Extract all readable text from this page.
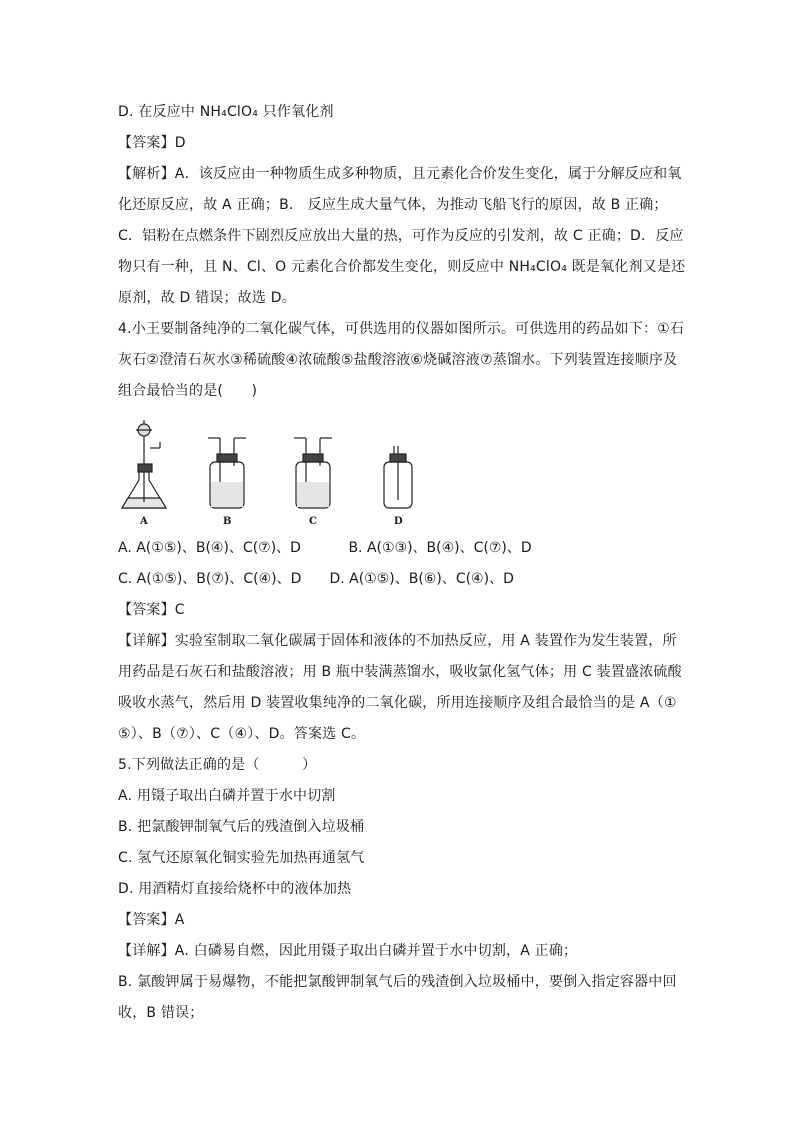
D. 在反应中 NH₄ClO₄ 只作氧化剂
【答案】D
【解析】A．该反应由一种物质生成多种物质，且元素化合价发生变化，属于分解反应和氧
化还原反应，故 A 正确；B． 反应生成大量气体，为推动飞船飞行的原因，故 B 正确；
C．铝粉在点燃条件下剧烈反应放出大量的热，可作为反应的引发剂，故 C 正确；D．反应
物只有一种，且 N、Cl、O 元素化合价都发生变化，则反应中 NH₄ClO₄ 既是氧化剂又是还
原剂，故 D 错误；故选 D。
4.小王要制备纯净的二氧化碳气体，可供选用的仪器如图所示。可供选用的药品如下：①石
灰石②澄清石灰水③稀硫酸④浓硫酸⑤盐酸溶液⑥烧碱溶液⑦蒸馏水。下列装置连接顺序及
组合最恰当的是(　　)
A	B	C	D
A. A(①⑤)、B(④)、C(⑦)、D	B. A(①③)、B(④)、C(⑦)、D
C. A(①⑤)、B(⑦)、C(④)、D D. A(①⑤)、B(⑥)、C(④)、D
【答案】C
【详解】实验室制取二氧化碳属于固体和液体的不加热反应，用 A 装置作为发生装置，所
用药品是石灰石和盐酸溶液；用 B 瓶中装满蒸馏水，吸收氯化氢气体；用 C 装置盛浓硫酸
吸收水蒸气，然后用 D 装置收集纯净的二氧化碳，所用连接顺序及组合最恰当的是 A（①
⑤）、B（⑦）、C（④）、D。答案选 C。
5.下列做法正确的是（　　　）
A. 用镊子取出白磷并置于水中切割
B. 把氯酸钾制氧气后的残渣倒入垃圾桶
C. 氢气还原氧化铜实验先加热再通氢气
D. 用酒精灯直接给烧杯中的液体加热
【答案】A
【详解】A. 白磷易自燃，因此用镊子取出白磷并置于水中切割，A 正确；
B. 氯酸钾属于易爆物，不能把氯酸钾制氧气后的残渣倒入垃圾桶中，要倒入指定容器中回
收，B 错误；
